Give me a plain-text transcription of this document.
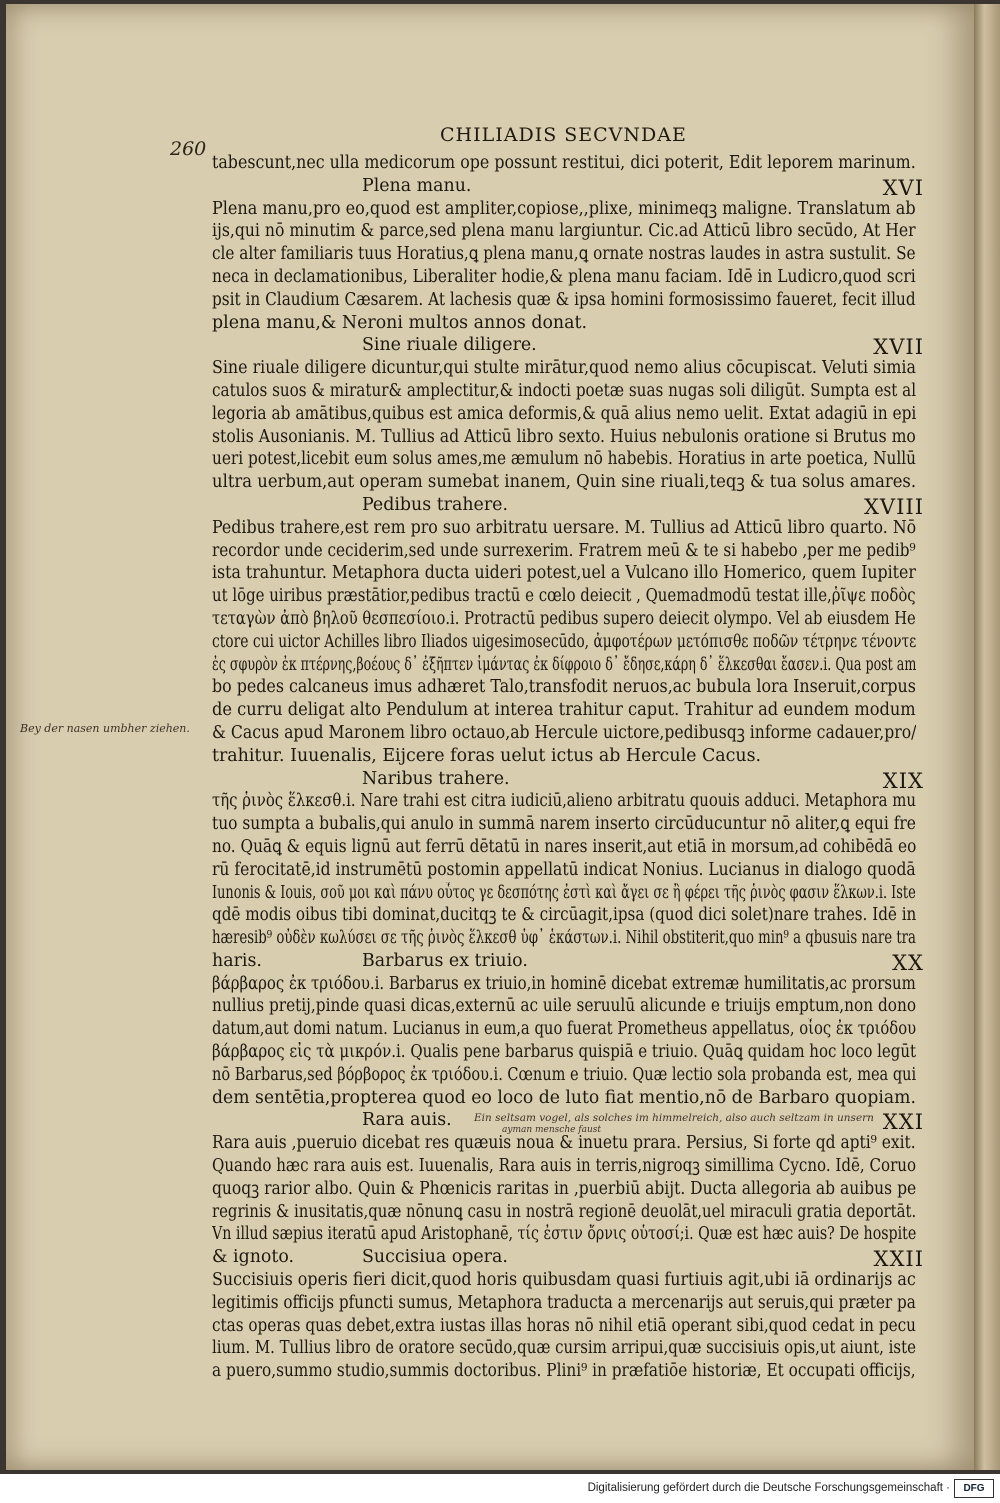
260
CHILIADIS SECVNDAE
Bey der nasen umbher ziehen.
tabescunt,nec ulla medicorum ope possunt restitui, dici poterit, Edit leporem marinum.
Plena manu.	XVI
Plena manu,pro eo,quod est ampliter,copiose,,plixe, minimeqꝫ maligne. Translatum ab
ijs,qui nō minutim & parce,sed plena manu largiuntur. Cic.ad Atticū libro secūdo, At Her
cle alter familiaris tuus Horatius,ꝗ plena manu,ꝗ ornate nostras laudes in astra sustulit. Se
neca in declamationibus, Liberaliter hodie,& plena manu faciam. Idē in Ludicro,quod scri
psit in Claudium Cæsarem. At lachesis quæ & ipsa homini formosissimo faueret, fecit illud
plena manu,& Neroni multos annos donat.
Sine riuale diligere.	XVII
Sine riuale diligere dicuntur,qui stulte mirātur,quod nemo alius cōcupiscat. Veluti simia
catulos suos & miratur& amplectitur,& indocti poetæ suas nugas soli diligūt. Sumpta est al
legoria ab amātibus,quibus est amica deformis,& quā alius nemo uelit. Extat adagiū in epi
stolis Ausonianis. M. Tullius ad Atticū libro sexto. Huius nebulonis oratione si Brutus mo
ueri potest,licebit eum solus ames,me æmulum nō habebis. Horatius in arte poetica, Nullū
ultra uerbum,aut operam sumebat inanem, Quin sine riuali,teqꝫ & tua solus amares.
Pedibus trahere.	XVIII
Pedibus trahere,est rem pro suo arbitratu uersare. M. Tullius ad Atticū libro quarto. Nō
recordor unde ceciderim,sed unde surrexerim. Fratrem meū & te si habebo ,per me pedib⁹
ista trahuntur. Metaphora ducta uideri potest,uel a Vulcano illo Homerico, quem Iupiter
ut lōge uiribus præstātior,pedibus tractū e cœlo deiecit , Quemadmodū testat ille,ῥῖψε ποδὸς
τεταγὼν ἀπὸ βηλοῦ θεσπεσίοιο.i. Protractū pedibus supero deiecit olympo. Vel ab eiusdem He
ctore cui uictor Achilles libro Iliados uigesimosecūdo, ἀμφοτέρων μετόπισθε ποδῶν τέτρηνε τένοντε
ἐς σφυρὸν ἐκ πτέρνης,βοέους δ᾽ ἐξῆπτεν ἱμάντας ἐκ δίφροιο δ᾽ ἔδησε,κάρη δ᾽ ἕλκεσθαι ἔασεν.i. Qua post am
bo pedes calcaneus imus adhæret Talo,transfodit neruos,ac bubula lora Inseruit,corpus
de curru deligat alto Pendulum at interea trahitur caput. Trahitur ad eundem modum
& Cacus apud Maronem libro octauo,ab Hercule uictore,pedibusqꝫ informe cadauer,pro/
trahitur. Iuuenalis, Eijcere foras uelut ictus ab Hercule Cacus.
Naribus trahere.	XIX
τῆς ῥινὸς ἕλκεσθ.i. Nare trahi est citra iudiciū,alieno arbitratu quouis adduci. Metaphora mu
tuo sumpta a bubalis,qui anulo in summā narem inserto circūducuntur nō aliter,ꝗ equi fre
no. Quāꝗ & equis lignū aut ferrū dētatū in nares inserit,aut etiā in morsum,ad cohibēdā eo
rū ferocitatē,id instrumētū postomin appellatū indicat Nonius. Lucianus in dialogo quodā
Iunonis & Iouis, σοῦ μοι καὶ πάνυ οὗτος γε δεσπότης ἐστὶ καὶ ἄγει σε ἢ φέρει τῆς ῥινὸς φασιν ἕλκων.i. Iste
qdē modis oibus tibi dominat,ducitqꝫ te & circūagit,ipsa (quod dici solet)nare trahes. Idē in
hæresib⁹ οὐδὲν κωλύσει σε τῆς ῥινὸς ἕλκεσθ ὑφ᾽ ἑκάστων.i. Nihil obstiterit,quo min⁹ a qbusuis nare tra
haris.	Barbarus ex triuio.	XX
βάρβαρος ἐκ τριόδου.i. Barbarus ex triuio,in hominē dicebat extremæ humilitatis,ac prorsum
nullius pretij,pinde quasi dicas,externū ac uile seruulū alicunde e triuijs emptum,non dono
datum,aut domi natum. Lucianus in eum,a quo fuerat Prometheus appellatus, οἷος ἐκ τριόδου
βάρβαρος εἰς τὰ μικρόν.i. Qualis pene barbarus quispiā e triuio. Quāꝗ quidam hoc loco legūt
nō Barbarus,sed βόρβορος ἐκ τριόδου.i. Cœnum e triuio. Quæ lectio sola probanda est, mea qui
dem sentētia,propterea quod eo loco de luto fiat mentio,nō de Barbaro quopiam.
Rara auis. Ein seltsam vogel, als solches im himmelreich, also auch seltzam in unsern
ayman mensche faust	XXI
Rara auis ,pueruio dicebat res quæuis noua & inuetu prara. Persius, Si forte qd apti⁹ exit.
Quando hæc rara auis est. Iuuenalis, Rara auis in terris,nigroqꝫ simillima Cycno. Idē, Coruo
quoqꝫ rarior albo. Quin & Phœnicis raritas in ,puerbiū abijt. Ducta allegoria ab auibus pe
regrinis & inusitatis,quæ nōnunꝗ casu in nostrā regionē deuolāt,uel miraculi gratia deportāt.
Vn illud sæpius iteratū apud Aristophanē, τίς ἐστιν ὄρνις οὑτοσί;i. Quæ est hæc auis? De hospite
& ignoto.	Succisiua opera.	XXII
Succisiuis operis fieri dicit,quod horis quibusdam quasi furtiuis agit,ubi iā ordinarijs ac
legitimis officijs pfuncti sumus, Metaphora traducta a mercenarijs aut seruis,qui præter pa
ctas operas quas debet,extra iustas illas horas nō nihil etiā operant sibi,quod cedat in pecu
lium. M. Tullius libro de oratore secūdo,quæ cursim arripui,quæ succisiuis opis,ut aiunt, iste
a puero,summo studio,summis doctoribus. Plini⁹ in præfatiōe historiæ, Et occupati officijs,
Digitalisierung gefördert durch die Deutsche Forschungsgemeinschaft ·	DFG
